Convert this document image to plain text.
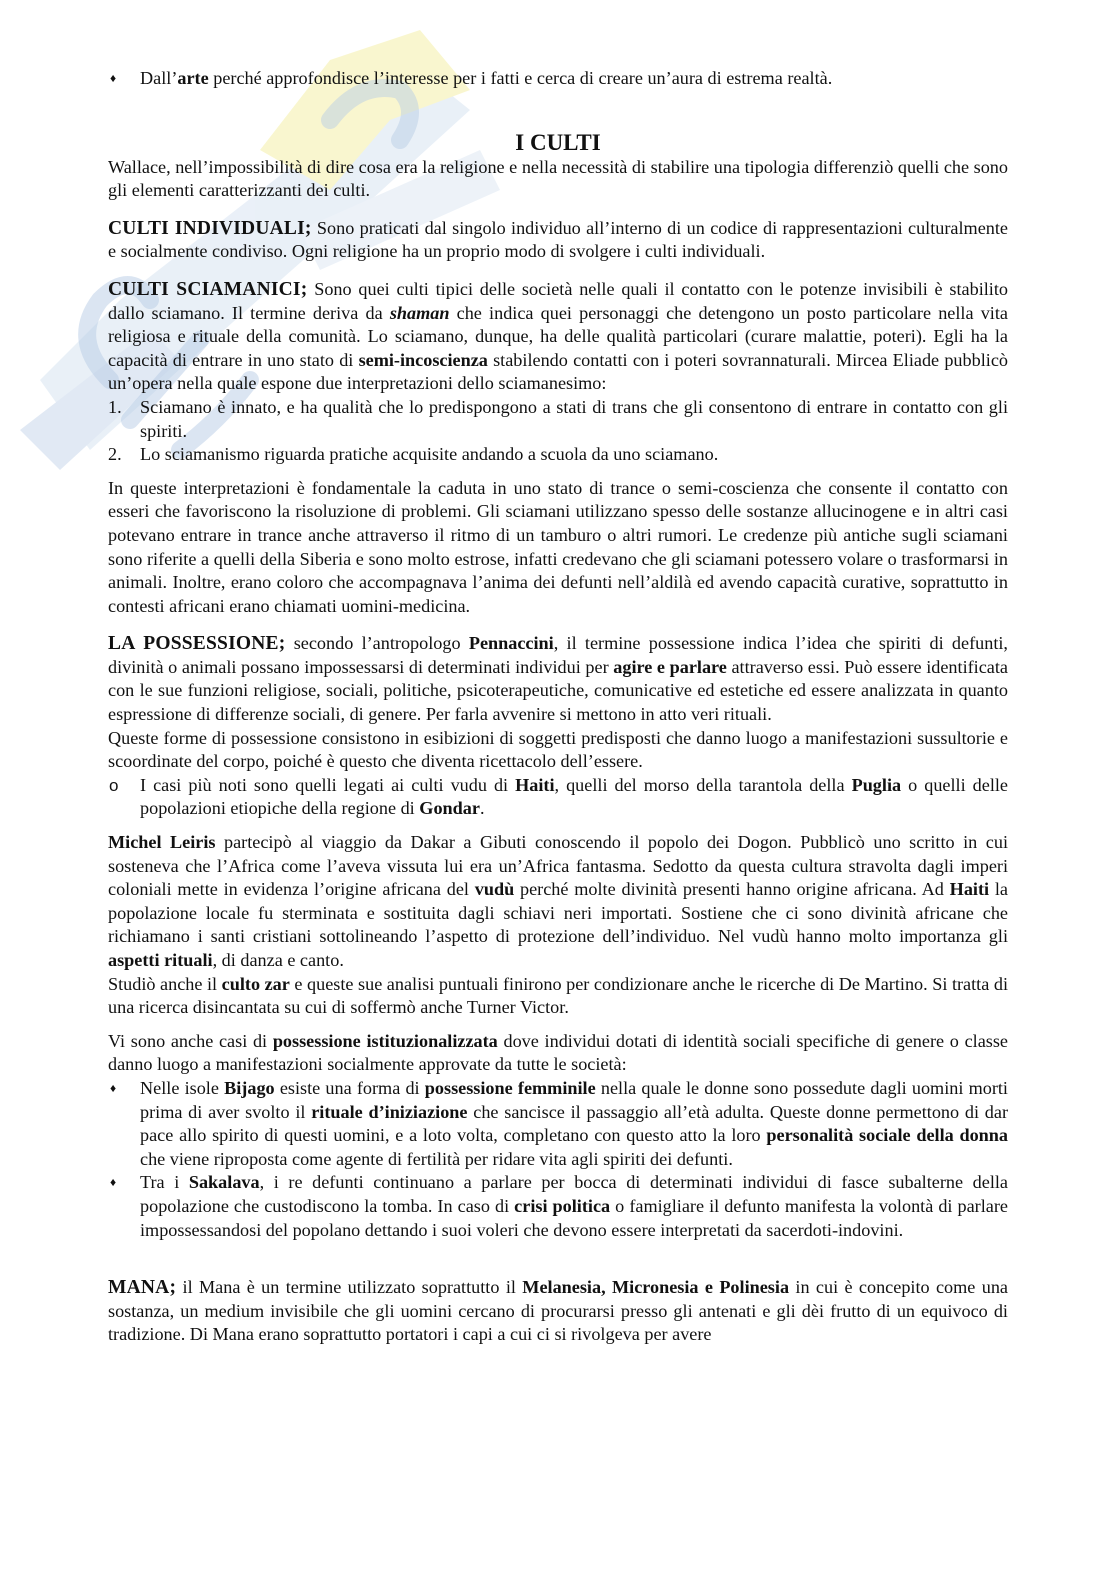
♦ Dall’arte perché approfondisce l’interesse per i fatti e cerca di creare un’aura di estrema realtà.
I CULTI

Wallace, nell’impossibilità di dire cosa era la religione e nella necessità di stabilire una tipologia differenziò quelli che sono gli elementi caratterizzanti dei culti.

CULTI INDIVIDUALI; Sono praticati dal singolo individuo all’interno di un codice di rappresentazioni culturalmente e socialmente condiviso. Ogni religione ha un proprio modo di svolgere i culti individuali.

CULTI SCIAMANICI; Sono quei culti tipici delle società nelle quali il contatto con le potenze invisibili è stabilito dallo sciamano. Il termine deriva da shaman che indica quei personaggi che detengono un posto particolare nella vita religiosa e rituale della comunità. Lo sciamano, dunque, ha delle qualità particolari (curare malattie, poteri). Egli ha la capacità di entrare in uno stato di semi-incoscienza stabilendo contatti con i poteri sovrannaturali. Mircea Eliade pubblicò un’opera nella quale espone due interpretazioni dello sciamanesimo:

1. Sciamano è innato, e ha qualità che lo predispongono a stati di trans che gli consentono di entrare in contatto con gli spiriti.
2. Lo sciamanismo riguarda pratiche acquisite andando a scuola da uno sciamano.

In queste interpretazioni è fondamentale la caduta in uno stato di trance o semi-coscienza che consente il contatto con esseri che favoriscono la risoluzione di problemi. Gli sciamani utilizzano spesso delle sostanze allucinogene e in altri casi potevano entrare in trance anche attraverso il ritmo di un tamburo o altri rumori. Le credenze più antiche sugli sciamani sono riferite a quelli della Siberia e sono molto estrose, infatti credevano che gli sciamani potessero volare o trasformarsi in animali. Inoltre, erano coloro che accompagnava l’anima dei defunti nell’aldilà ed avendo capacità curative, soprattutto in contesti africani erano chiamati uomini-medicina.

LA POSSESSIONE; secondo l’antropologo Pennaccini, il termine possessione indica l’idea che spiriti di defunti, divinità o animali possano impossessarsi di determinati individui per agire e parlare attraverso essi. Può essere identificata con le sue funzioni religiose, sociali, politiche, psicoterapeutiche, comunicative ed estetiche ed essere analizzata in quanto espressione di differenze sociali, di genere. Per farla avvenire si mettono in atto veri rituali.

Queste forme di possessione consistono in esibizioni di soggetti predisposti che danno luogo a manifestazioni sussultorie e scoordinate del corpo, poiché è questo che diventa ricettacolo dell’essere.

o I casi più noti sono quelli legati ai culti vudu di Haiti, quelli del morso della tarantola della Puglia o quelli delle popolazioni etiopiche della regione di Gondar.

Michel Leiris partecipò al viaggio da Dakar a Gibuti conoscendo il popolo dei Dogon. Pubblicò uno scritto in cui sosteneva che l’Africa come l’aveva vissuta lui era un’Africa fantasma. Sedotto da questa cultura stravolta dagli imperi coloniali mette in evidenza l’origine africana del vudù perché molte divinità presenti hanno origine africana. Ad Haiti la popolazione locale fu sterminata e sostituita dagli schiavi neri importati. Sostiene che ci sono divinità africane che richiamano i santi cristiani sottolineando l’aspetto di protezione dell’individuo. Nel vudù hanno molto importanza gli aspetti rituali, di danza e canto.

Studiò anche il culto zar e queste sue analisi puntuali finirono per condizionare anche le ricerche di De Martino. Si tratta di una ricerca disincantata su cui di soffermò anche Turner Victor.

Vi sono anche casi di possessione istituzionalizzata dove individui dotati di identità sociali specifiche di genere o classe danno luogo a manifestazioni socialmente approvate da tutte le società:

♦ Nelle isole Bijago esiste una forma di possessione femminile nella quale le donne sono possedute dagli uomini morti prima di aver svolto il rituale d’iniziazione che sancisce il passaggio all’età adulta. Queste donne permettono di dar pace allo spirito di questi uomini, e a loto volta, completano con questo atto la loro personalità sociale della donna che viene riproposta come agente di fertilità per ridare vita agli spiriti dei defunti.
♦ Tra i Sakalava, i re defunti continuano a parlare per bocca di determinati individui di fasce subalterne della popolazione che custodiscono la tomba. In caso di crisi politica o famigliare il defunto manifesta la volontà di parlare impossessandosi del popolano dettando i suoi voleri che devono essere interpretati da sacerdoti-indovini.

MANA; il Mana è un termine utilizzato soprattutto il Melanesia, Micronesia e Polinesia in cui è concepito come una sostanza, un medium invisibile che gli uomini cercano di procurarsi presso gli antenati e gli dèi frutto di un equivoco di tradizione. Di Mana erano soprattutto portatori i capi a cui ci si rivolgeva per avere
